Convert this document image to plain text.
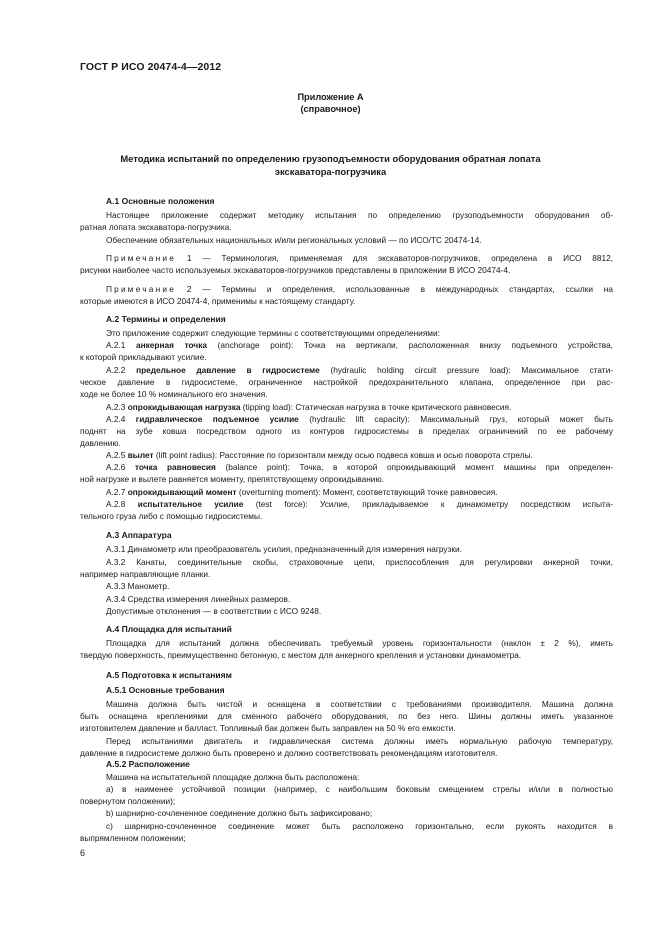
ГОСТ Р ИСО 20474-4—2012
Приложение А
(справочное)
Методика испытаний по определению грузоподъемности оборудования обратная лопата
экскаватора-погрузчика
А.1 Основные положения
Настоящее приложение содержит методику испытания по определению грузоподъемности оборудования об-
ратная лопата экскаватора-погрузчика.
Обеспечение обязательных национальных и/или региональных условий — по ИСО/ТС 20474-14.
Примечание 1 — Терминология, применяемая для экскаваторов-погрузчиков, определена в ИСО 8812,
рисунки наиболее часто используемых экскаваторов-погрузчиков представлены в приложении В ИСО 20474-4.
Примечание 2 — Термины и определения, использованные в международных стандартах, ссылки на
которые имеются в ИСО 20474-4, применимы к настоящему стандарту.
А.2 Термины и определения
Это приложение содержит следующие термины с соответствующими определениями:
А.2.1 анкерная точка (anchorage point): Точка на вертикали, расположенная внизу подъемного устройства,
к которой прикладывают усилие.
А.2.2 предельное давление в гидросистеме (hydraulic holding circuit pressure load): Максимальное стати-
ческое давление в гидросистеме, ограниченное настройкой предохранительного клапана, определенное при рас-
ходе не более 10 % номинального его значения.
А.2.3 опрокидывающая нагрузка (tipping load): Статическая нагрузка в точке критического равновесия.
А.2.4 гидравлическое подъемное усилие (hydraulic lift capacity): Максимальный груз, который может быть
поднят на зубе ковша посредством одного из контуров гидросистемы в пределах ограничений по ее рабочему
давлению.
А.2.5 вылет (lift point radius): Расстояние по горизонтали между осью подвеса ковша и осью поворота стрелы.
А.2.6 точка равновесия (balance point): Точка, в которой опрокидывающий момент машины при определен-
ной нагрузке и вылете равняется моменту, препятствующему опрокидыванию.
А.2.7 опрокидывающий момент (overturning moment): Момент, соответствующий точке равновесия.
А.2.8 испытательное усилие (test force): Усилие, прикладываемое к динамометру посредством испыта-
тельного груза либо с помощью гидросистемы.
А.3 Аппаратура
А.3.1 Динамометр или преобразователь усилия, предназначенный для измерения нагрузки.
А.3.2 Канаты, соединительные скобы, страховочные цепи, приспособления для регулировки анкерной точки,
например направляющие планки.
А.3.3 Манометр.
А.3.4 Средства измерения линейных размеров.
Допустимые отклонения — в соответствии с ИСО 9248.
А.4 Площадка для испытаний
Площадка для испытаний должна обеспечивать требуемый уровень горизонтальности (наклон ± 2 %), иметь
твердую поверхность, преимущественно бетонную, с местом для анкерного крепления и установки динамометра.
А.5 Подготовка к испытаниям
А.5.1 Основные требования
Машина должна быть чистой и оснащена в соответствии с требованиями производителя. Машина должна
быть оснащена креплениями для сменного рабочего оборудования, по без него. Шины должны иметь указанное
изготовителем давление и балласт. Топливный бак должен быть заправлен на 50 % его емкости.
Перед испытаниями двигатель и гидравлическая система должны иметь нормальную рабочую температуру,
давление в гидросистеме должно быть проверено и должно соответствовать рекомендациям изготовителя.
А.5.2 Расположение
Машина на испытательной площадке должна быть расположена:
а) в наименее устойчивой позиции (например, с наибольшим боковым смещением стрелы и/или в полностью
повернутом положении);
b) шарнирно-сочлененное соединение должно быть зафиксировано;
с) шарнирно-сочлененное соединение может быть расположено горизонтально, если рукоять находится в
выпрямленном положении;
6
